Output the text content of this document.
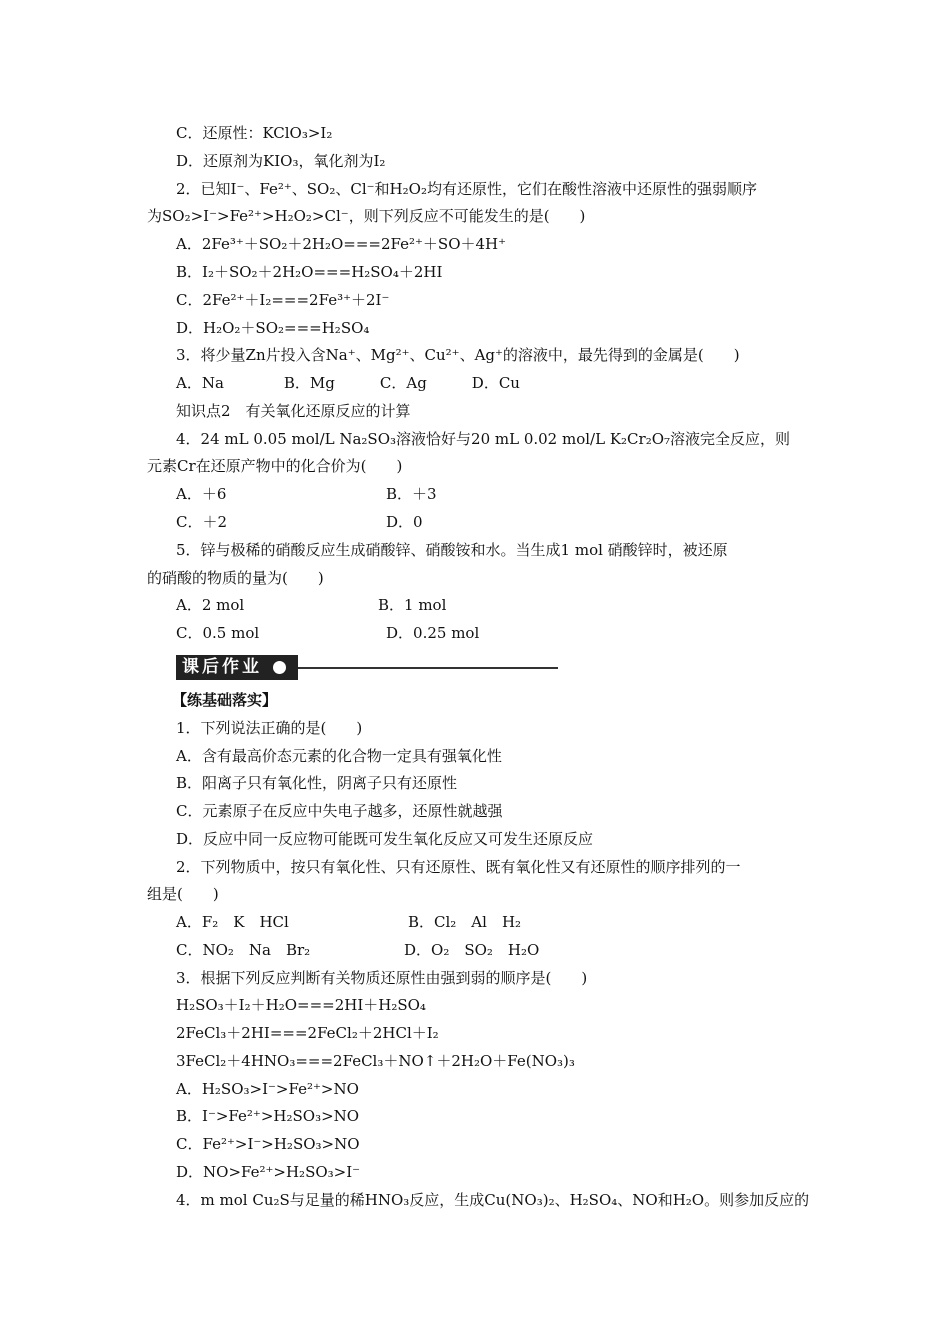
C．还原性：KClO₃>I₂
D．还原剂为KIO₃，氧化剂为I₂
2．已知I⁻、Fe²⁺、SO₂、Cl⁻和H₂O₂均有还原性，它们在酸性溶液中还原性的强弱顺序
为SO₂>I⁻>Fe²⁺>H₂O₂>Cl⁻，则下列反应不可能发生的是(　　)
A．2Fe³⁺＋SO₂＋2H₂O===2Fe²⁺＋SO＋4H⁺
B．I₂＋SO₂＋2H₂O===H₂SO₄＋2HI
C．2Fe²⁺＋I₂===2Fe³⁺＋2I⁻
D．H₂O₂＋SO₂===H₂SO₄
3．将少量Zn片投入含Na⁺、Mg²⁺、Cu²⁺、Ag⁺的溶液中，最先得到的金属是(　　)
A．Na　　　　B．Mg　　　C．Ag　　　D．Cu
知识点2　有关氧化还原反应的计算
4．24 mL 0.05 mol/L Na₂SO₃溶液恰好与20 mL 0.02 mol/L K₂Cr₂O₇溶液完全反应，则
元素Cr在还原产物中的化合价为(　　)
A．＋6	B．＋3
C．＋2	D．0
5．锌与极稀的硝酸反应生成硝酸锌、硝酸铵和水。当生成1 mol 硝酸锌时，被还原
的硝酸的物质的量为(　　)
A．2 mol	B．1 mol
C．0.5 mol	D．0.25 mol
课后作业
【练基础落实】
1．下列说法正确的是(　　)
A．含有最高价态元素的化合物一定具有强氧化性
B．阳离子只有氧化性，阴离子只有还原性
C．元素原子在反应中失电子越多，还原性就越强
D．反应中同一反应物可能既可发生氧化反应又可发生还原反应
2．下列物质中，按只有氧化性、只有还原性、既有氧化性又有还原性的顺序排列的一
组是(　　)
A．F₂　K　HCl	B．Cl₂　Al　H₂
C．NO₂　Na　Br₂	D．O₂　SO₂　H₂O
3．根据下列反应判断有关物质还原性由强到弱的顺序是(　　)
H₂SO₃＋I₂＋H₂O===2HI＋H₂SO₄
2FeCl₃＋2HI===2FeCl₂＋2HCl＋I₂
3FeCl₂＋4HNO₃===2FeCl₃＋NO↑＋2H₂O＋Fe(NO₃)₃
A．H₂SO₃>I⁻>Fe²⁺>NO
B．I⁻>Fe²⁺>H₂SO₃>NO
C．Fe²⁺>I⁻>H₂SO₃>NO
D．NO>Fe²⁺>H₂SO₃>I⁻
4．m mol Cu₂S与足量的稀HNO₃反应，生成Cu(NO₃)₂、H₂SO₄、NO和H₂O。则参加反应的
